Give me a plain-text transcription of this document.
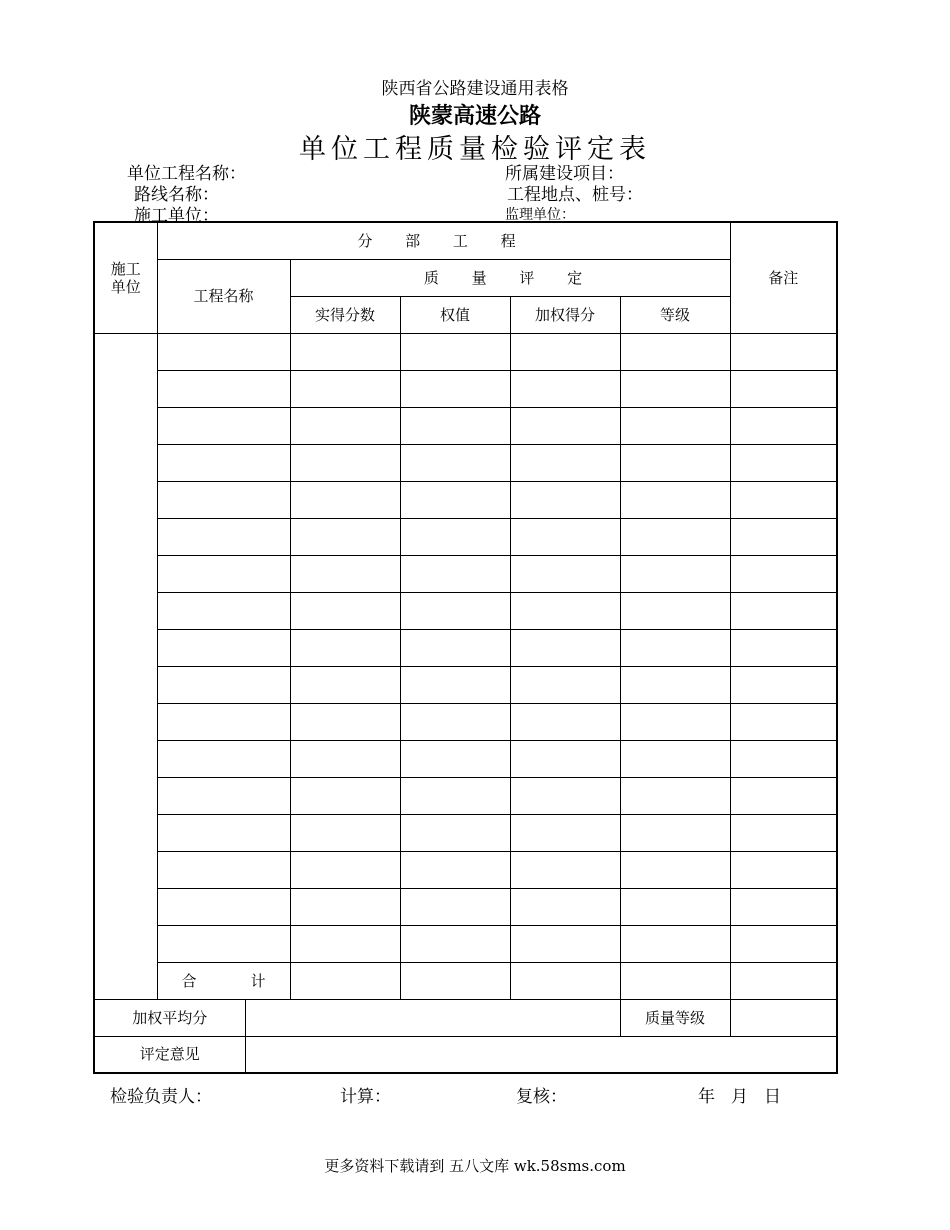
陕西省公路建设通用表格
陕蒙高速公路
单位工程质量检验评定表
单位工程名称：	所属建设项目：
路线名称：	工程地点、桩号：
施工单位：	监理单位：
施工单位	分 部 工 程						备注
	工程名称		质 量 评 定				
			实得分数	权值	加权得分	等级	

	合 计						

加权平均分						质量等级	
评定意见							
检验负责人：	计算：	复核：	年 月 日
更多资料下载请到 五八文库 wk.58sms.com
